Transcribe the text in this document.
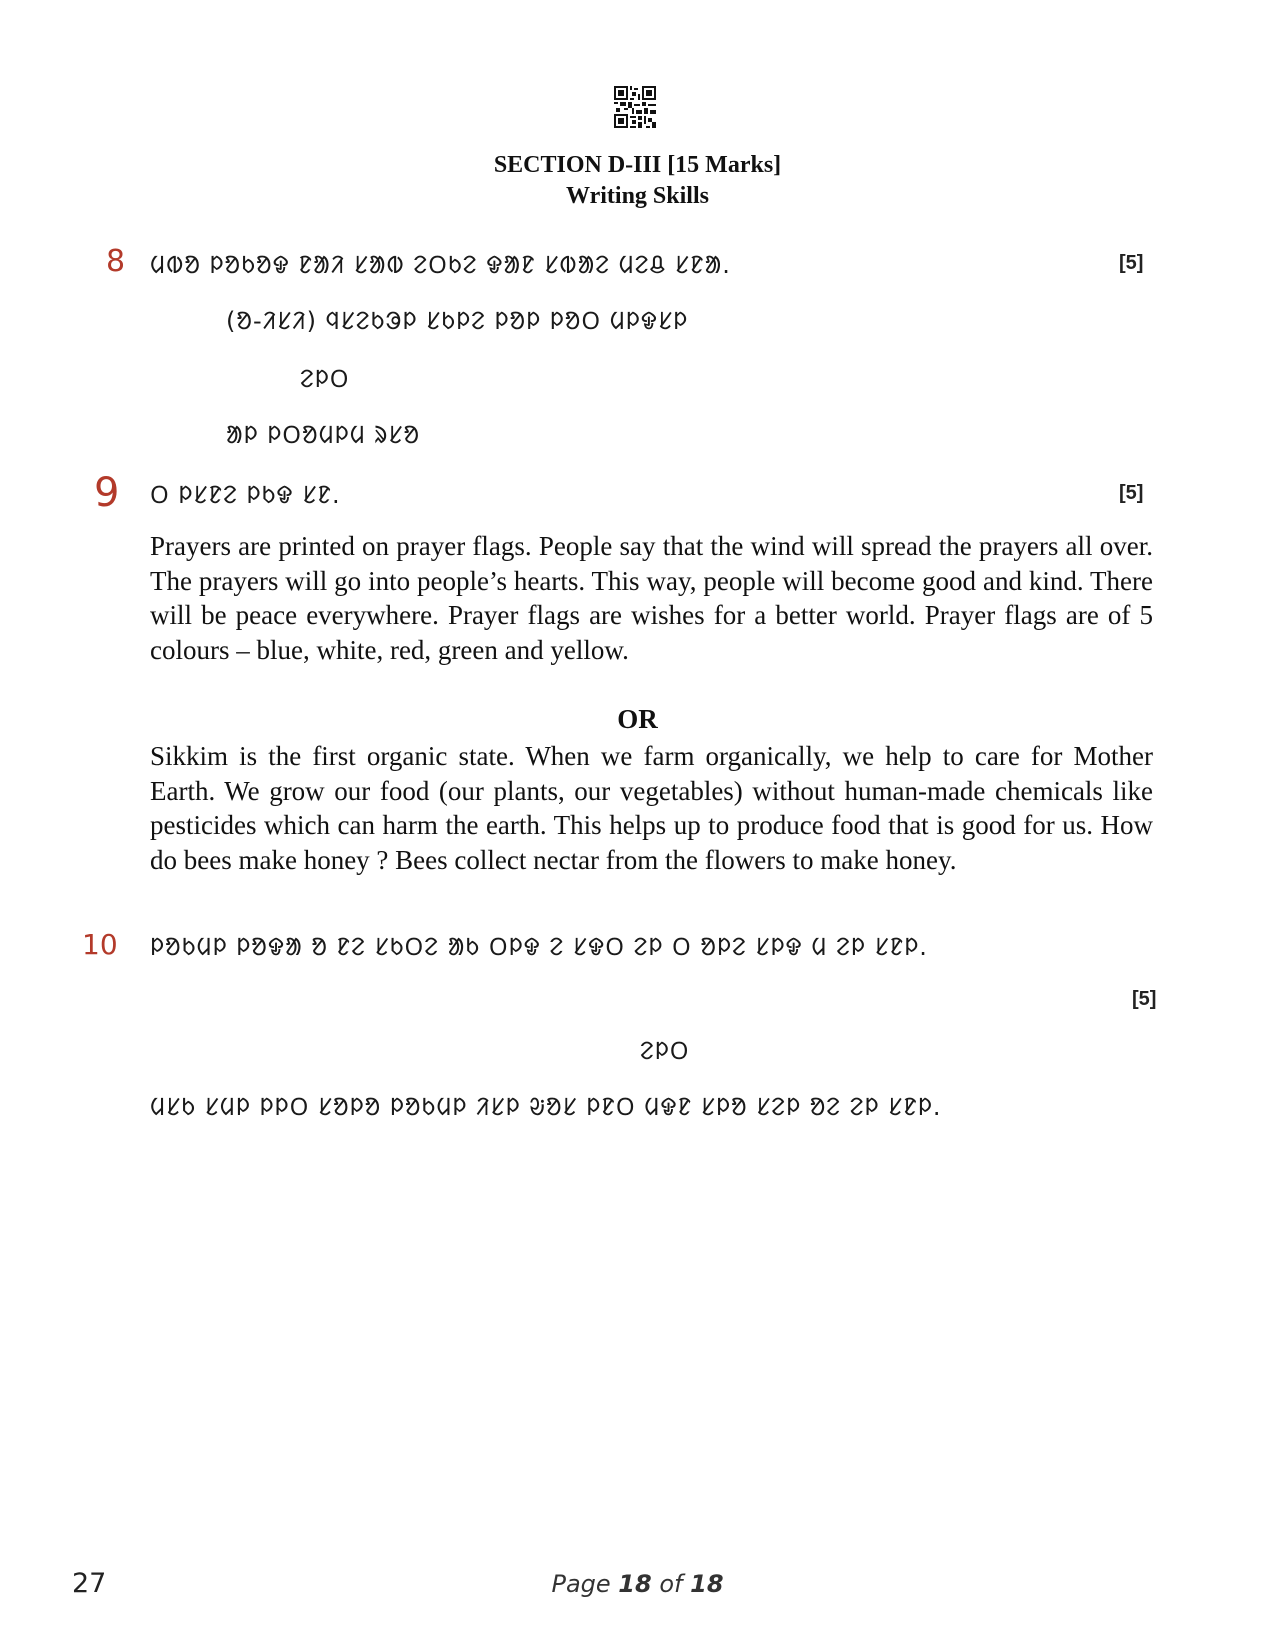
SECTION D-III [15 Marks]
Writing Skills
8 ᱢᱵᱚ ᱞᱚᱠᱚᱫ ᱱᱟᱤ ᱥᱟᱵ ᱮᱛᱠᱮ ᱫᱟᱱ ᱥᱵᱟᱮ ᱢᱮᱪ ᱥᱱᱟ.	[5]
(ᱚ-ᱤᱥᱤ) ᱧᱥᱮᱠᱳᱞ ᱥᱠᱞᱮ ᱞᱚᱞ ᱞᱚᱛ ᱢᱞᱫᱥᱞ
ᱮᱞᱛ
ᱟᱞ ᱞᱛᱚᱢᱞᱢ ᱨᱥᱚ
9 ᱛ ᱞᱥᱱᱮ ᱞᱠᱫ ᱥᱱ.	[5]

Prayers are printed on prayer flags. People say that the wind will spread the prayers all over. The prayers will go into people’s hearts. This way, people will become good and kind. There will be peace everywhere. Prayer flags are wishes for a better world. Prayer flags are of 5 colours – blue, white, red, green and yellow.

OR

Sikkim is the first organic state. When we farm organically, we help to care for Mother Earth. We grow our food (our plants, our vegetables) without human-made chemicals like pesticides which can harm the earth. This helps up to produce food that is good for us. How do bees make honey ? Bees collect nectar from the flowers to make honey.

10 ᱞᱚᱠᱢᱞ ᱞᱚᱫᱟ ᱚ ᱱᱮ ᱥᱠᱛᱮ ᱟᱠ ᱛᱞᱫ ᱮ ᱥᱫᱛ ᱮᱞ ᱛ ᱚᱞᱮ ᱥᱞᱫ ᱢ ᱮᱞ ᱥᱱᱞ.
[5]
ᱮᱞᱛ
ᱢᱥᱠ ᱥᱢᱞ ᱞᱞᱛ ᱥᱚᱞᱚ ᱞᱚᱠᱢᱞ ᱤᱥᱞ ᱶᱚᱥ ᱞᱱᱛ ᱢᱫᱱ ᱥᱞᱚ ᱥᱮᱞ ᱚᱮ ᱮᱞ ᱥᱱᱞ.
27	Page 18 of 18
